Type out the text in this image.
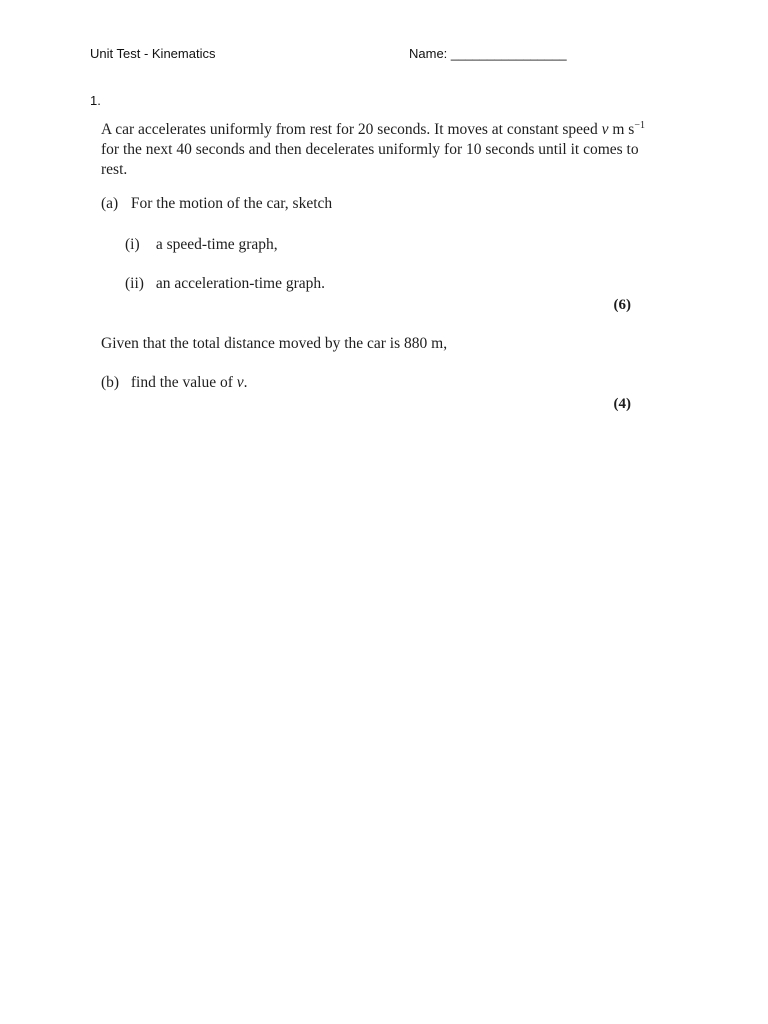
Unit Test - Kinematics	Name: ________________
1.
A car accelerates uniformly from rest for 20 seconds. It moves at constant speed v m $s^{-1}$
for the next 40 seconds and then decelerates uniformly for 10 seconds until it comes to
rest.
(a) For the motion of the car, sketch
(i) a speed-time graph,
(ii) an acceleration-time graph.
(6)
Given that the total distance moved by the car is 880 m,
(b) find the value of v.
(4)
